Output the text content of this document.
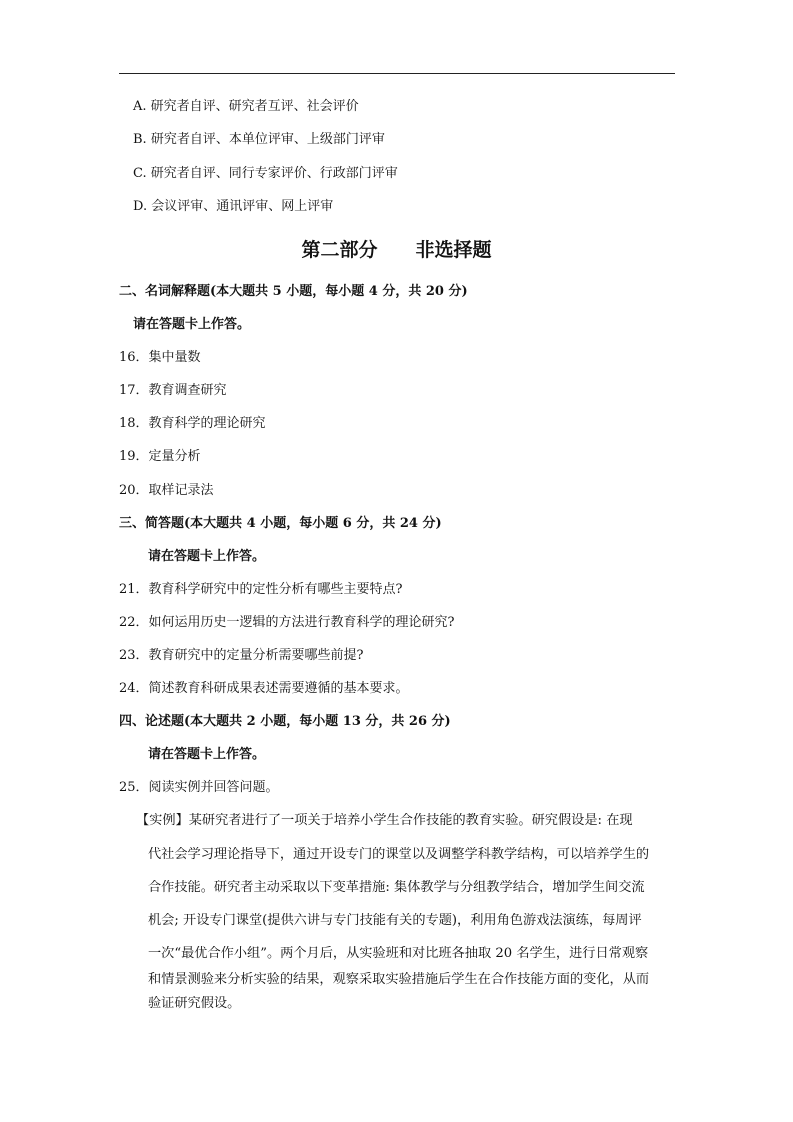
A. 研究者自评、研究者互评、社会评价
B. 研究者自评、本单位评审、上级部门评审
C. 研究者自评、同行专家评价、行政部门评审
D. 会议评审、通讯评审、网上评审
第二部分　　非选择题
二、名词解释题(本大题共 5 小题，每小题 4 分，共 20 分)
请在答题卡上作答。
16．集中量数
17．教育调查研究
18．教育科学的理论研究
19．定量分析
20．取样记录法
三、简答题(本大题共 4 小题，每小题 6 分，共 24 分)
请在答题卡上作答。
21．教育科学研究中的定性分析有哪些主要特点?
22．如何运用历史一逻辑的方法进行教育科学的理论研究?
23．教育研究中的定量分析需要哪些前提?
24．简述教育科研成果表述需要遵循的基本要求。
四、论述题(本大题共 2 小题，每小题 13 分，共 26 分)
请在答题卡上作答。
25．阅读实例并回答问题。
【实例】某研究者进行了一项关于培养小学生合作技能的教育实验。研究假设是: 在现
代社会学习理论指导下，通过开设专门的课堂以及调整学科教学结构，可以培养学生的
合作技能。研究者主动采取以下变革措施: 集体教学与分组教学结合，增加学生间交流
机会; 开设专门课堂(提供六讲与专门技能有关的专题)，利用角色游戏法演练，每周评
一次“最优合作小组”。两个月后，从实验班和对比班各抽取 20 名学生，进行日常观察
和情景测验来分析实验的结果，观察采取实验措施后学生在合作技能方面的变化，从而
验证研究假设。
